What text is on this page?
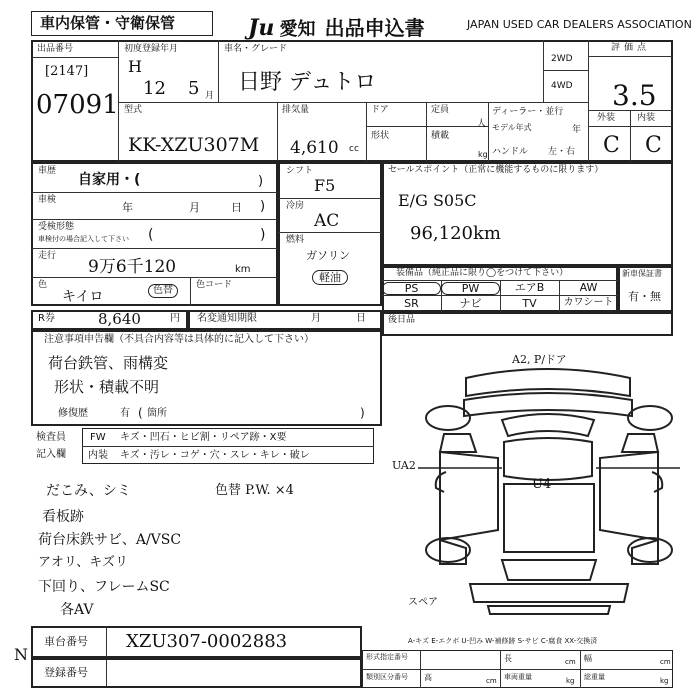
車内保管・守衛保管	Ju 愛知 出品申込書	JAPAN USED CAR DEALERS ASSOCIATION
出品番号
[2147]
07091
初度登録年月
H
12 5 月
車名・グレード
日野 デュトロ
2WD
4WD
評価点
3.5
外装 内装
C C
型式
KK-XZU307M
排気量
4,610 cc
ドア
形状
定員
人
積載
kg
ディーラー・並行
モデル年式	年
ハンドル 左・右
車歴
自家用・(	)
車検
年	月	日 )
受検形態
車検付の場合記入して下さい (	)
走行
9万6千120	km
色
キイロ	色替	色コード
シフト
F5
冷房
AC
燃料
ガソリン
軽油
セールスポイント（正常に機能するものに限ります）
E/G S05C
96,120km
装備品（純正品に限り◯をつけて下さい）
PS	PW	エアB	AW
SR	ナビ	TV	カワシート
新車保証書
有・無
R券	8,640	円 名変通知期限	月	日 後日品
注意事項申告欄（不具合内容等は具体的に記入して下さい）
荷台鉄管、雨構変
形状・積載不明
修復歴	有 ( 箇所	)
検査員
記入欄
FW キズ・凹石・ヒビ割・リペア跡・X要
内装 キズ・汚レ・コゲ・穴・スレ・キレ・破レ
だこみ、シミ	色替 P.W. ×4
看板跡
荷台床鉄サビ、A/VSC
アオリ、キズリ
下回り、フレームSC
各AV
A2, P/ドア
UA2
U4
スペア
A-キズ E-エクボ U-凹み W-補修跡 S-サビ C-腐食 XX-交換済
車台番号 XZU307-0002883
登録番号
形式指定番号
類別区分番号
長	cm 幅	cm
高	cm 車両重量	kg 総重量	kg
N
